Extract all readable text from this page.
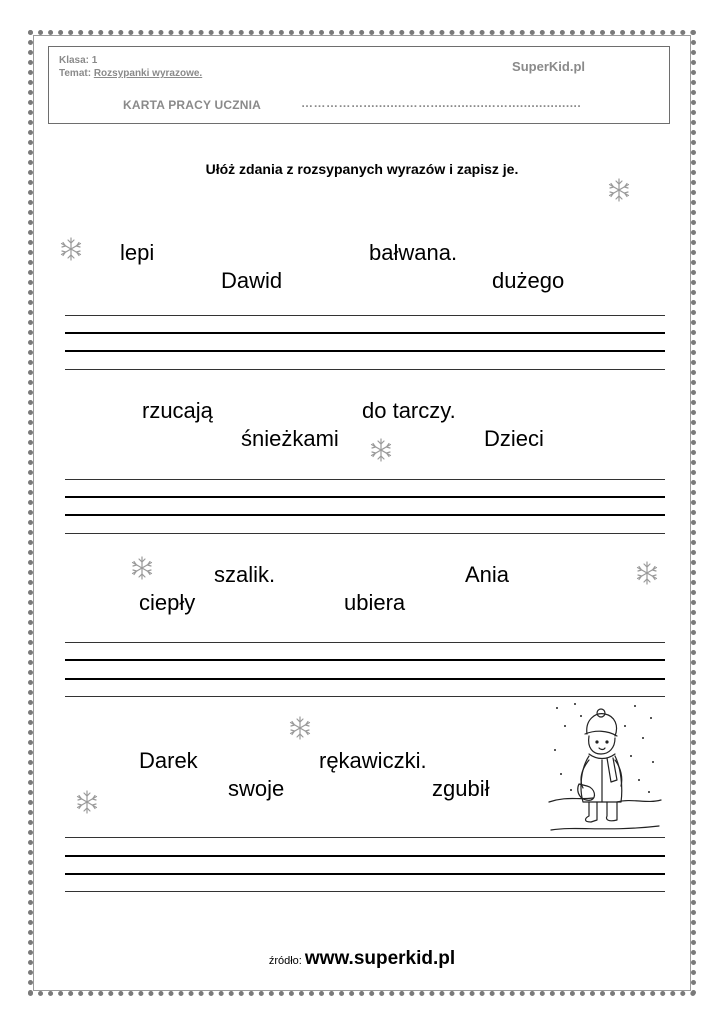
Klasa: 1
Temat: Rozsypanki wyrazowe.	SuperKid.pl
KARTA PRACY UCZNIA	……………...........…….................…...................
Ułóż zdania z rozsypanych wyrazów i zapisz je.
lepi	bałwana.
Dawid	dużego
rzucają	do tarczy.
śnieżkami	Dzieci
szalik.	Ania
ciepły	ubiera
Darek	rękawiczki.
swoje	zgubił
źródło: www.superkid.pl
